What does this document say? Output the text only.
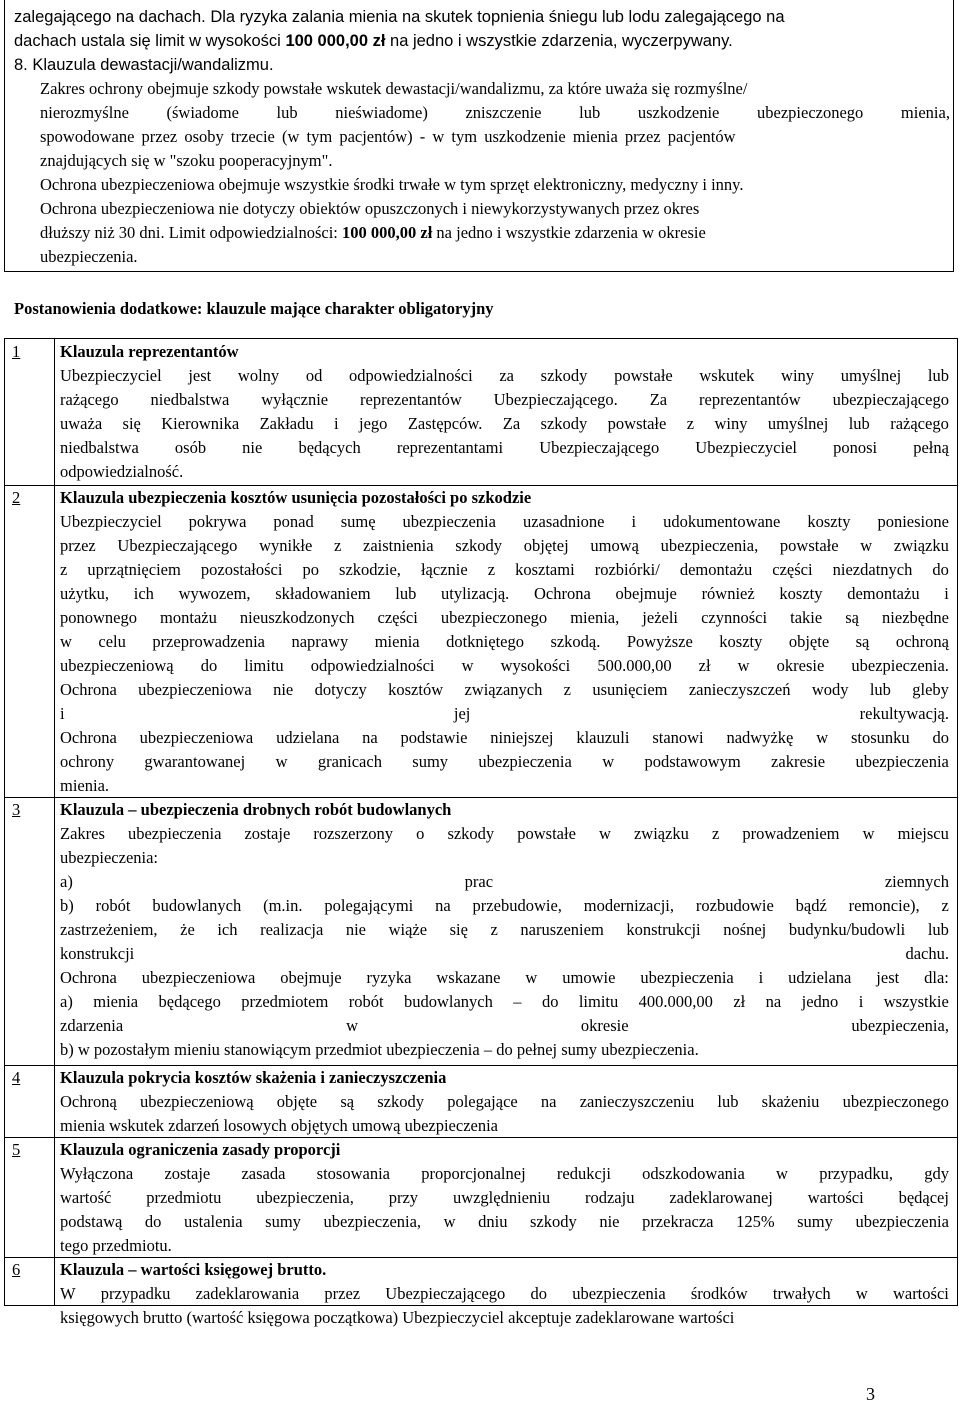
zalegającego na dachach. Dla ryzyka zalania mienia na skutek topnienia śniegu lub lodu zalegającego na
dachach ustala się limit w wysokości 100 000,00 zł na jedno i wszystkie zdarzenia, wyczerpywany.
8. Klauzula dewastacji/wandalizmu.
Zakres ochrony obejmuje szkody powstałe wskutek dewastacji/wandalizmu, za które uważa się rozmyślne/
nierozmyślne (świadome lub nieświadome) zniszczenie lub uszkodzenie ubezpieczonego mienia,
spowodowane przez osoby trzecie (w tym pacjentów) - w tym uszkodzenie mienia przez pacjentów
znajdujących się w "szoku pooperacyjnym".
Ochrona ubezpieczeniowa obejmuje wszystkie środki trwałe w tym sprzęt elektroniczny, medyczny i inny.
Ochrona ubezpieczeniowa nie dotyczy obiektów opuszczonych i niewykorzystywanych przez okres
dłuższy niż 30 dni. Limit odpowiedzialności: 100 000,00 zł na jedno i wszystkie zdarzenia w okresie
ubezpieczenia.
Postanowienia dodatkowe: klauzule mające charakter obligatoryjny
1 Klauzula reprezentantów
Ubezpieczyciel jest wolny od odpowiedzialności za szkody powstałe wskutek winy umyślnej lub
rażącego niedbalstwa wyłącznie reprezentantów Ubezpieczającego. Za reprezentantów ubezpieczającego
uważa się Kierownika Zakładu i jego Zastępców. Za szkody powstałe z winy umyślnej lub rażącego
niedbalstwa osób nie będących reprezentantami Ubezpieczającego Ubezpieczyciel ponosi pełną
odpowiedzialność.
2 Klauzula ubezpieczenia kosztów usunięcia pozostałości po szkodzie
Ubezpieczyciel pokrywa ponad sumę ubezpieczenia uzasadnione i udokumentowane koszty poniesione
przez Ubezpieczającego wynikłe z zaistnienia szkody objętej umową ubezpieczenia, powstałe w związku
z uprzątnięciem pozostałości po szkodzie, łącznie z kosztami rozbiórki/ demontażu części niezdatnych do
użytku, ich wywozem, składowaniem lub utylizacją. Ochrona obejmuje również koszty demontażu i
ponownego montażu nieuszkodzonych części ubezpieczonego mienia, jeżeli czynności takie są niezbędne
w celu przeprowadzenia naprawy mienia dotkniętego szkodą. Powyższe koszty objęte są ochroną
ubezpieczeniową do limitu odpowiedzialności w wysokości 500.000,00 zł w okresie ubezpieczenia.
Ochrona ubezpieczeniowa nie dotyczy kosztów związanych z usunięciem zanieczyszczeń wody lub gleby
i	jej	rekultywacją.
Ochrona ubezpieczeniowa udzielana na podstawie niniejszej klauzuli stanowi nadwyżkę w stosunku do
ochrony gwarantowanej w granicach sumy ubezpieczenia w podstawowym zakresie ubezpieczenia
mienia.
3 Klauzula – ubezpieczenia drobnych robót budowlanych
Zakres ubezpieczenia zostaje rozszerzony o szkody powstałe w związku z prowadzeniem w miejscu
ubezpieczenia:
a)	prac	ziemnych
b) robót budowlanych (m.in. polegającymi na przebudowie, modernizacji, rozbudowie bądź remoncie), z
zastrzeżeniem, że ich realizacja nie wiąże się z naruszeniem konstrukcji nośnej budynku/budowli lub
konstrukcji	dachu.
Ochrona ubezpieczeniowa obejmuje ryzyka wskazane w umowie ubezpieczenia i udzielana jest dla:
a) mienia będącego przedmiotem robót budowlanych – do limitu 400.000,00 zł na jedno i wszystkie
zdarzenia	w	okresie	ubezpieczenia,
b) w pozostałym mieniu stanowiącym przedmiot ubezpieczenia – do pełnej sumy ubezpieczenia.
4 Klauzula pokrycia kosztów skażenia i zanieczyszczenia
Ochroną ubezpieczeniową objęte są szkody polegające na zanieczyszczeniu lub skażeniu ubezpieczonego
mienia wskutek zdarzeń losowych objętych umową ubezpieczenia
5 Klauzula ograniczenia zasady proporcji
Wyłączona zostaje zasada stosowania proporcjonalnej redukcji odszkodowania w przypadku, gdy
wartość przedmiotu ubezpieczenia, przy uwzględnieniu rodzaju zadeklarowanej wartości będącej
podstawą do ustalenia sumy ubezpieczenia, w dniu szkody nie przekracza 125% sumy ubezpieczenia
tego przedmiotu.
6 Klauzula – wartości księgowej brutto.
W przypadku zadeklarowania przez Ubezpieczającego do ubezpieczenia środków trwałych w wartości
księgowych brutto (wartość księgowa początkowa) Ubezpieczyciel akceptuje zadeklarowane wartości
3
